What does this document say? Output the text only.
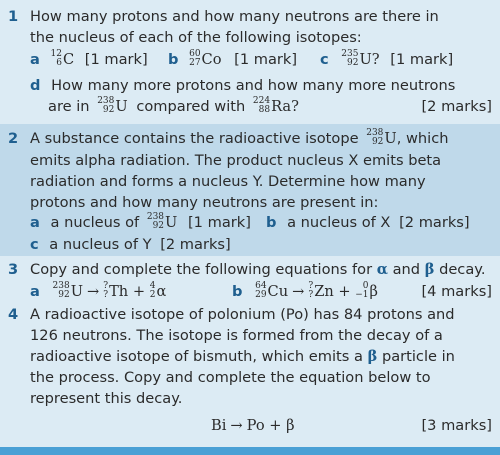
1 How many protons and how many neutrons are there in
the nucleus of each of the following isotopes:
a 12
6 C [1 mark] b 60
27 Co [1 mark] c 235
92 U? [1 mark]
d How many more protons and how many more neutrons
are in 238
92 U compared with 224
88 Ra?	[2 marks]
2 A substance contains the radioactive isotope 238
92 U, which
emits alpha radiation. The product nucleus X emits beta
radiation and forms a nucleus Y. Determine how many
protons and how many neutrons are present in:
a a nucleus of 238
92 U [1 mark] b a nucleus of X [2 marks]
c a nucleus of Y [2 marks]
3 Copy and complete the following equations for α and β decay.
a 238
92 U → ?
? Th + 4
2 α	b 64
29 Cu → ?
? Zn +	0
−1 β	[4 marks]
4 A radioactive isotope of polonium (Po) has 84 protons and
126 neutrons. The isotope is formed from the decay of a
radioactive isotope of bismuth, which emits a β particle in
the process. Copy and complete the equation below to
represent this decay.
Bi → Po + β	[3 marks]
